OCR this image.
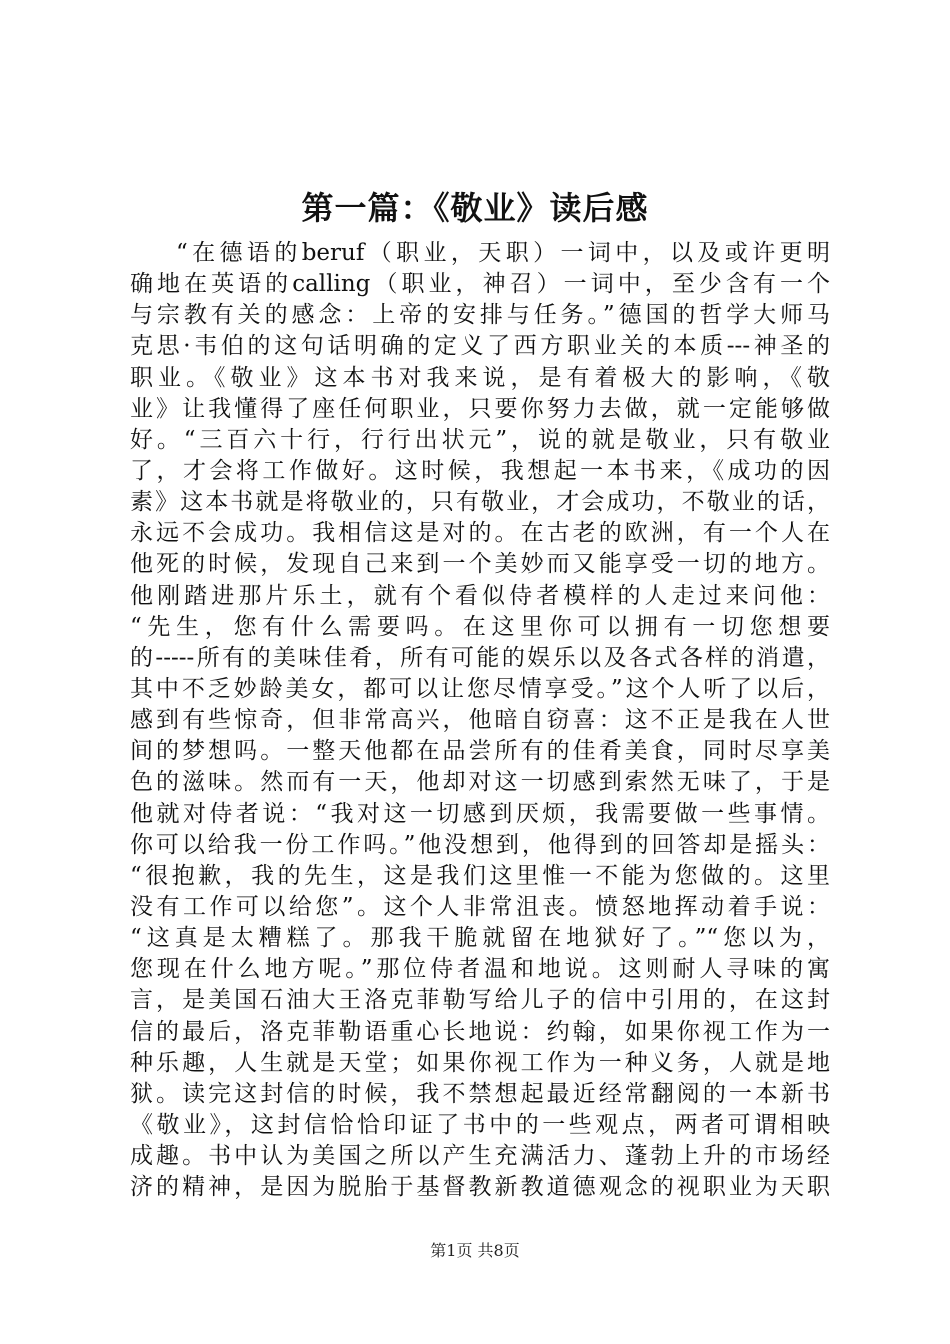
第一篇：《敬业》读后感
“在德语的beruf（职业，天职）一词中，以及或许更明
确地在英语的calling（职业，神召）一词中，至少含有一个
与宗教有关的感念：上帝的安排与任务。”德国的哲学大师马
克思·韦伯的这句话明确的定义了西方职业关的本质---神圣的
职业。《敬业》这本书对我来说，是有着极大的影响，《敬
业》让我懂得了座任何职业，只要你努力去做，就一定能够做
好。“三百六十行，行行出状元”，说的就是敬业，只有敬业
了，才会将工作做好。这时候，我想起一本书来，《成功的因
素》这本书就是将敬业的，只有敬业，才会成功，不敬业的话，
永远不会成功。我相信这是对的。在古老的欧洲，有一个人在
他死的时候，发现自己来到一个美妙而又能享受一切的地方。
他刚踏进那片乐土，就有个看似侍者模样的人走过来问他：
“先生，您有什么需要吗。在这里你可以拥有一切您想要
的-----所有的美味佳肴，所有可能的娱乐以及各式各样的消遣，
其中不乏妙龄美女，都可以让您尽情享受。”这个人听了以后，
感到有些惊奇，但非常高兴，他暗自窃喜：这不正是我在人世
间的梦想吗。一整天他都在品尝所有的佳肴美食，同时尽享美
色的滋味。然而有一天，他却对这一切感到索然无味了，于是
他就对侍者说：“我对这一切感到厌烦，我需要做一些事情。
你可以给我一份工作吗。”他没想到，他得到的回答却是摇头：
“很抱歉，我的先生，这是我们这里惟一不能为您做的。这里
没有工作可以给您”。这个人非常沮丧。愤怒地挥动着手说：
“这真是太糟糕了。那我干脆就留在地狱好了。”“您以为，
您现在什么地方呢。”那位侍者温和地说。这则耐人寻味的寓
言，是美国石油大王洛克菲勒写给儿子的信中引用的，在这封
信的最后，洛克菲勒语重心长地说：约翰，如果你视工作为一
种乐趣，人生就是天堂；如果你视工作为一种义务，人就是地
狱。读完这封信的时候，我不禁想起最近经常翻阅的一本新书
《敬业》，这封信恰恰印证了书中的一些观点，两者可谓相映
成趣。书中认为美国之所以产生充满活力、蓬勃上升的市场经
济的精神，是因为脱胎于基督教新教道德观念的视职业为天职
第1页 共8页
